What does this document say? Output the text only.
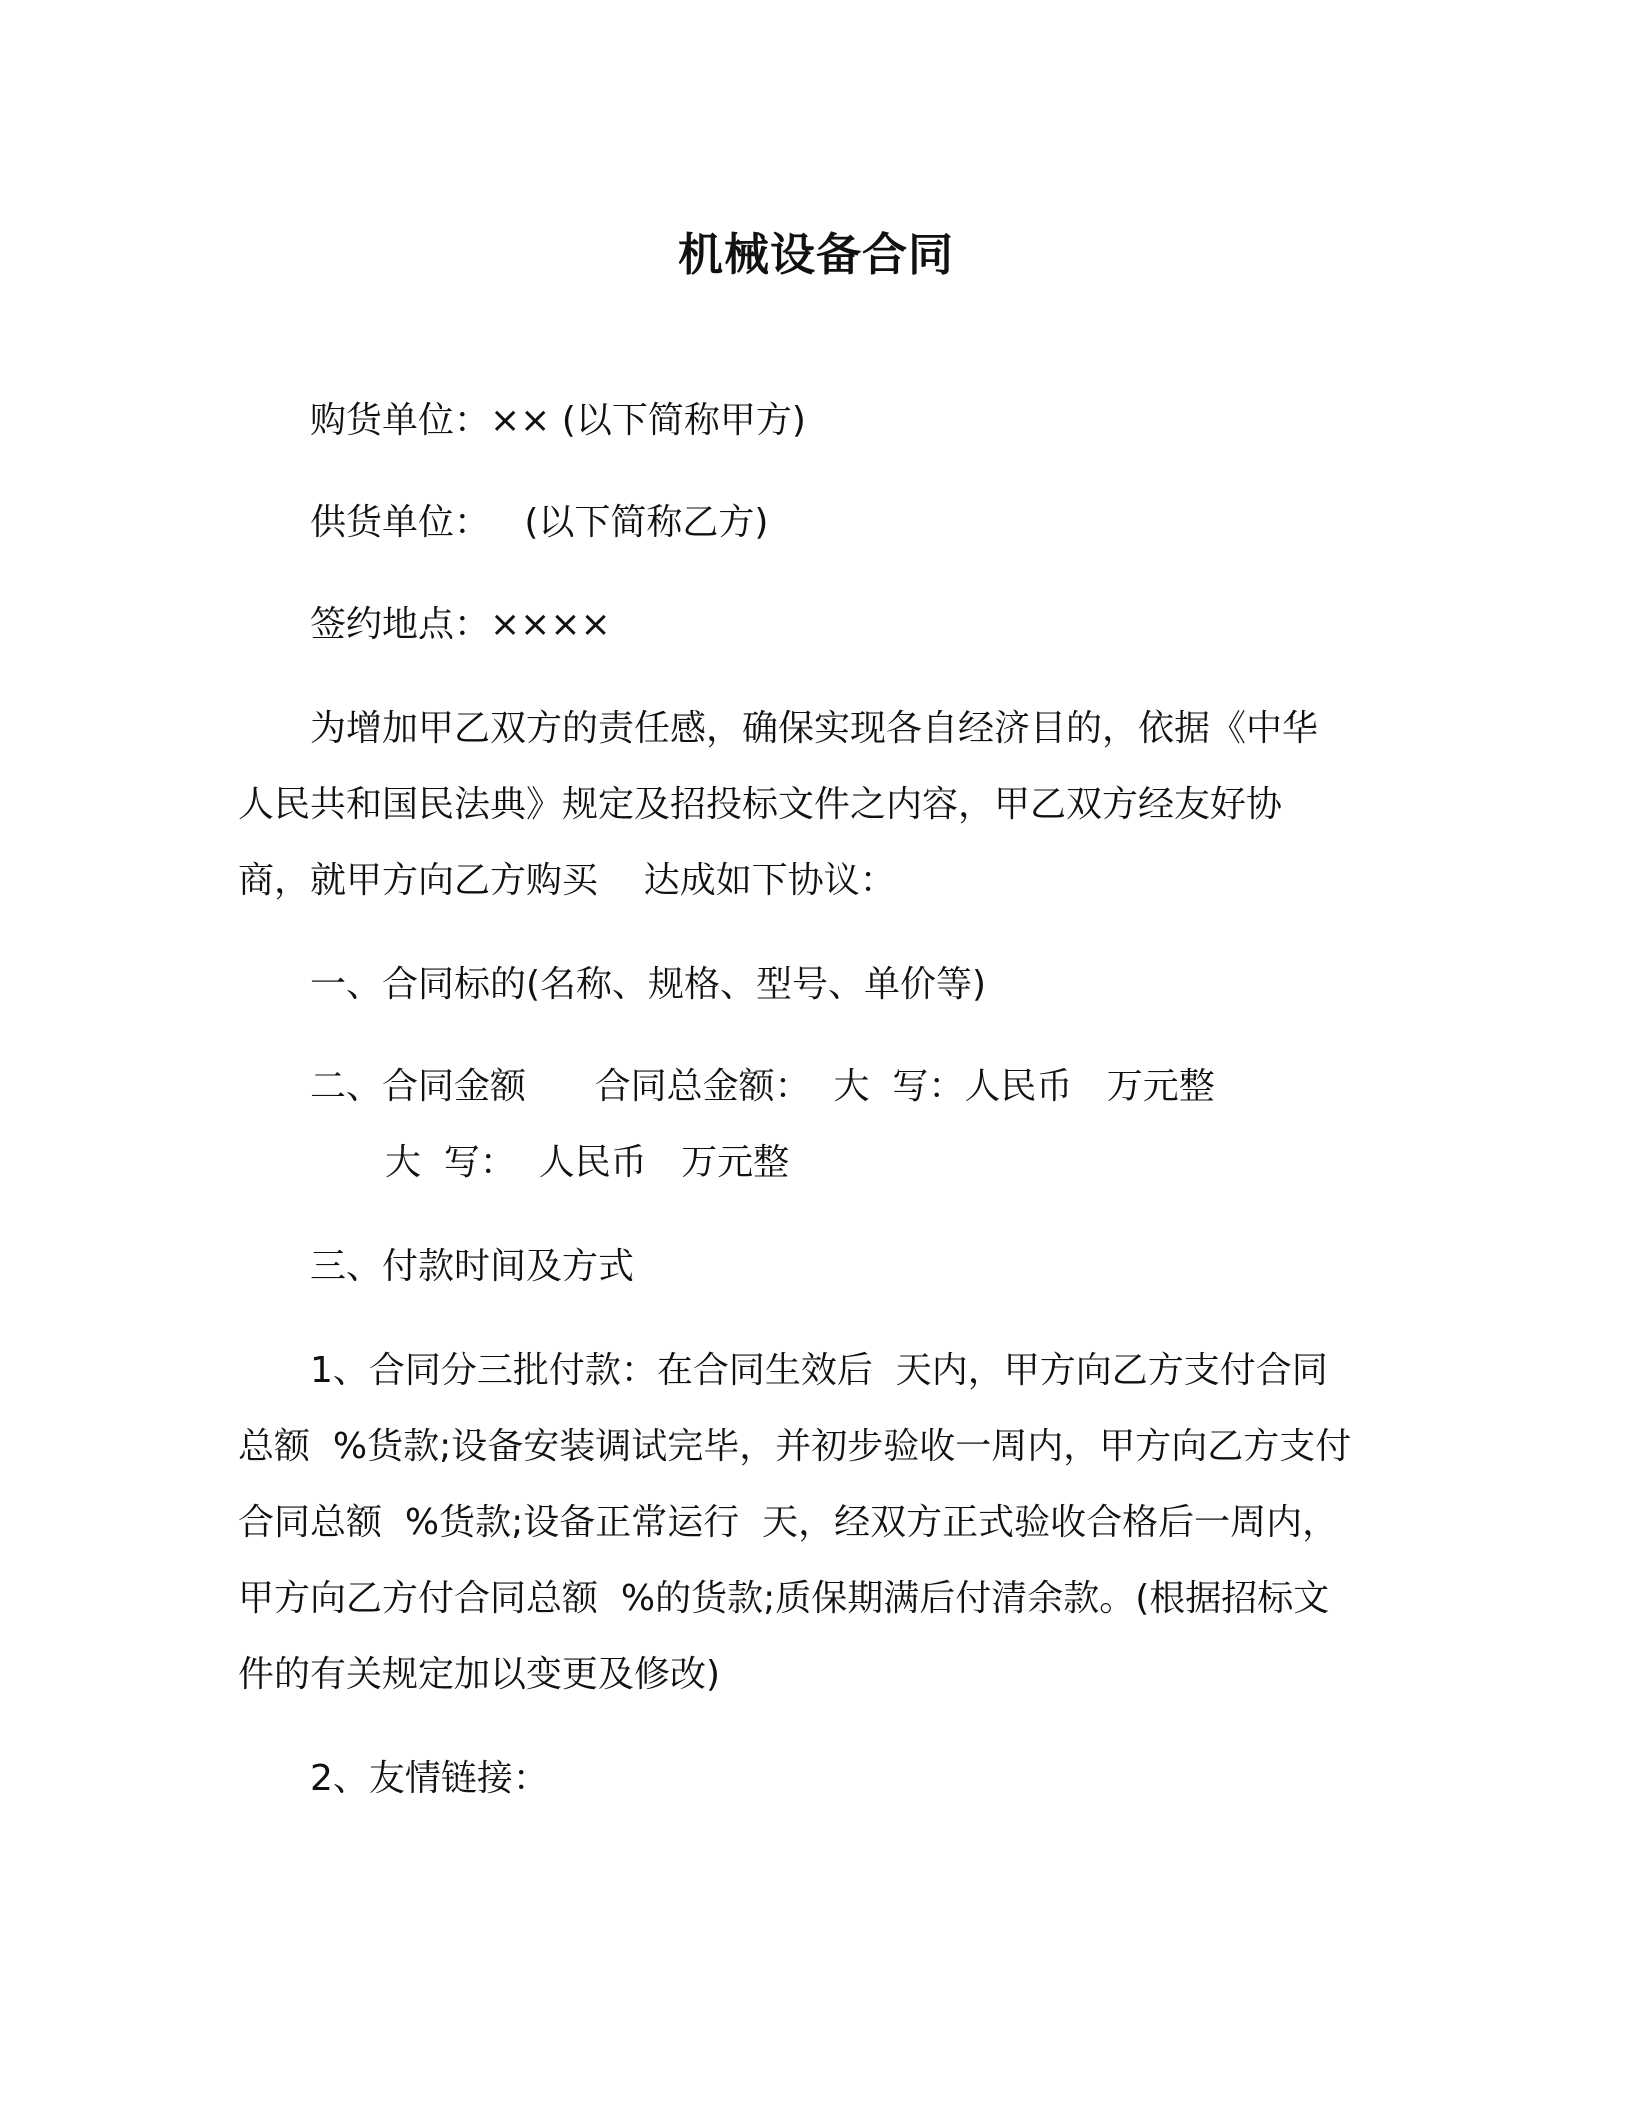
机械设备合同
购货单位：×× (以下简称甲方)
供货单位：   (以下简称乙方)
签约地点：××××
为增加甲乙双方的责任感，确保实现各自经济目的，依据《中华
人民共和国民法典》规定及招投标文件之内容，甲乙双方经友好协
商，就甲方向乙方购买    达成如下协议：
一、合同标的(名称、规格、型号、单价等)
二、合同金额      合同总金额：  大  写：人民币   万元整
大  写：  人民币   万元整
三、付款时间及方式
1、合同分三批付款：在合同生效后  天内，甲方向乙方支付合同
总额  %货款;设备安装调试完毕，并初步验收一周内，甲方向乙方支付
合同总额  %货款;设备正常运行  天，经双方正式验收合格后一周内，
甲方向乙方付合同总额  %的货款;质保期满后付清余款。(根据招标文
件的有关规定加以变更及修改)
2、友情链接：
